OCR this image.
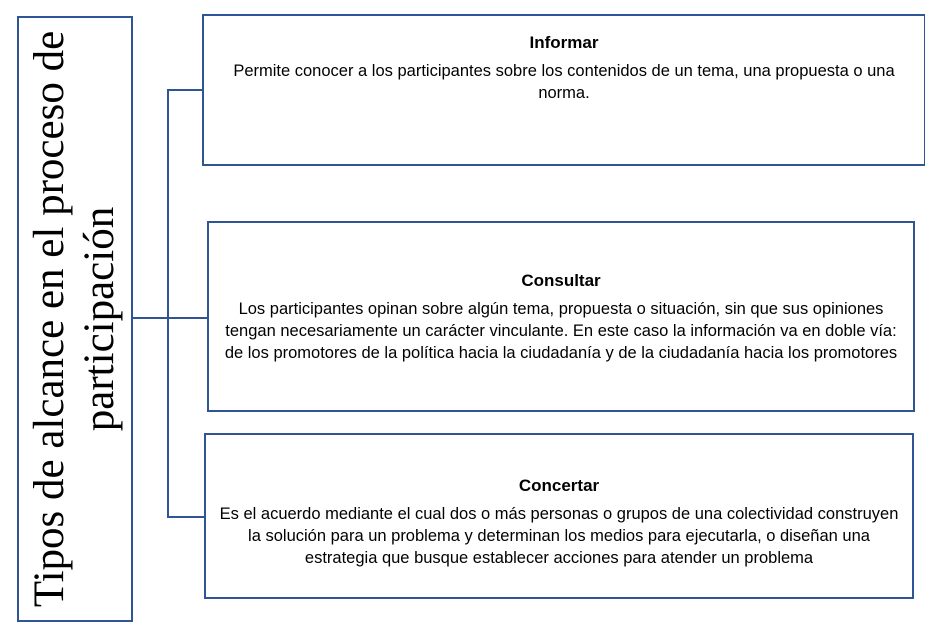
Tipos de alcance en el proceso de participación
Informar
Permite conocer a los participantes sobre los contenidos de un tema, una propuesta o una norma.
Consultar
Los participantes opinan sobre algún tema, propuesta o situación, sin que sus opiniones tengan necesariamente un carácter vinculante. En este caso la información va en doble vía: de los promotores de la política hacia la ciudadanía y de la ciudadanía hacia los promotores
Concertar
Es el acuerdo mediante el cual dos o más personas o grupos de una colectividad construyen la solución para un problema y determinan los medios para ejecutarla, o diseñan una estrategia que busque establecer acciones para atender un problema
